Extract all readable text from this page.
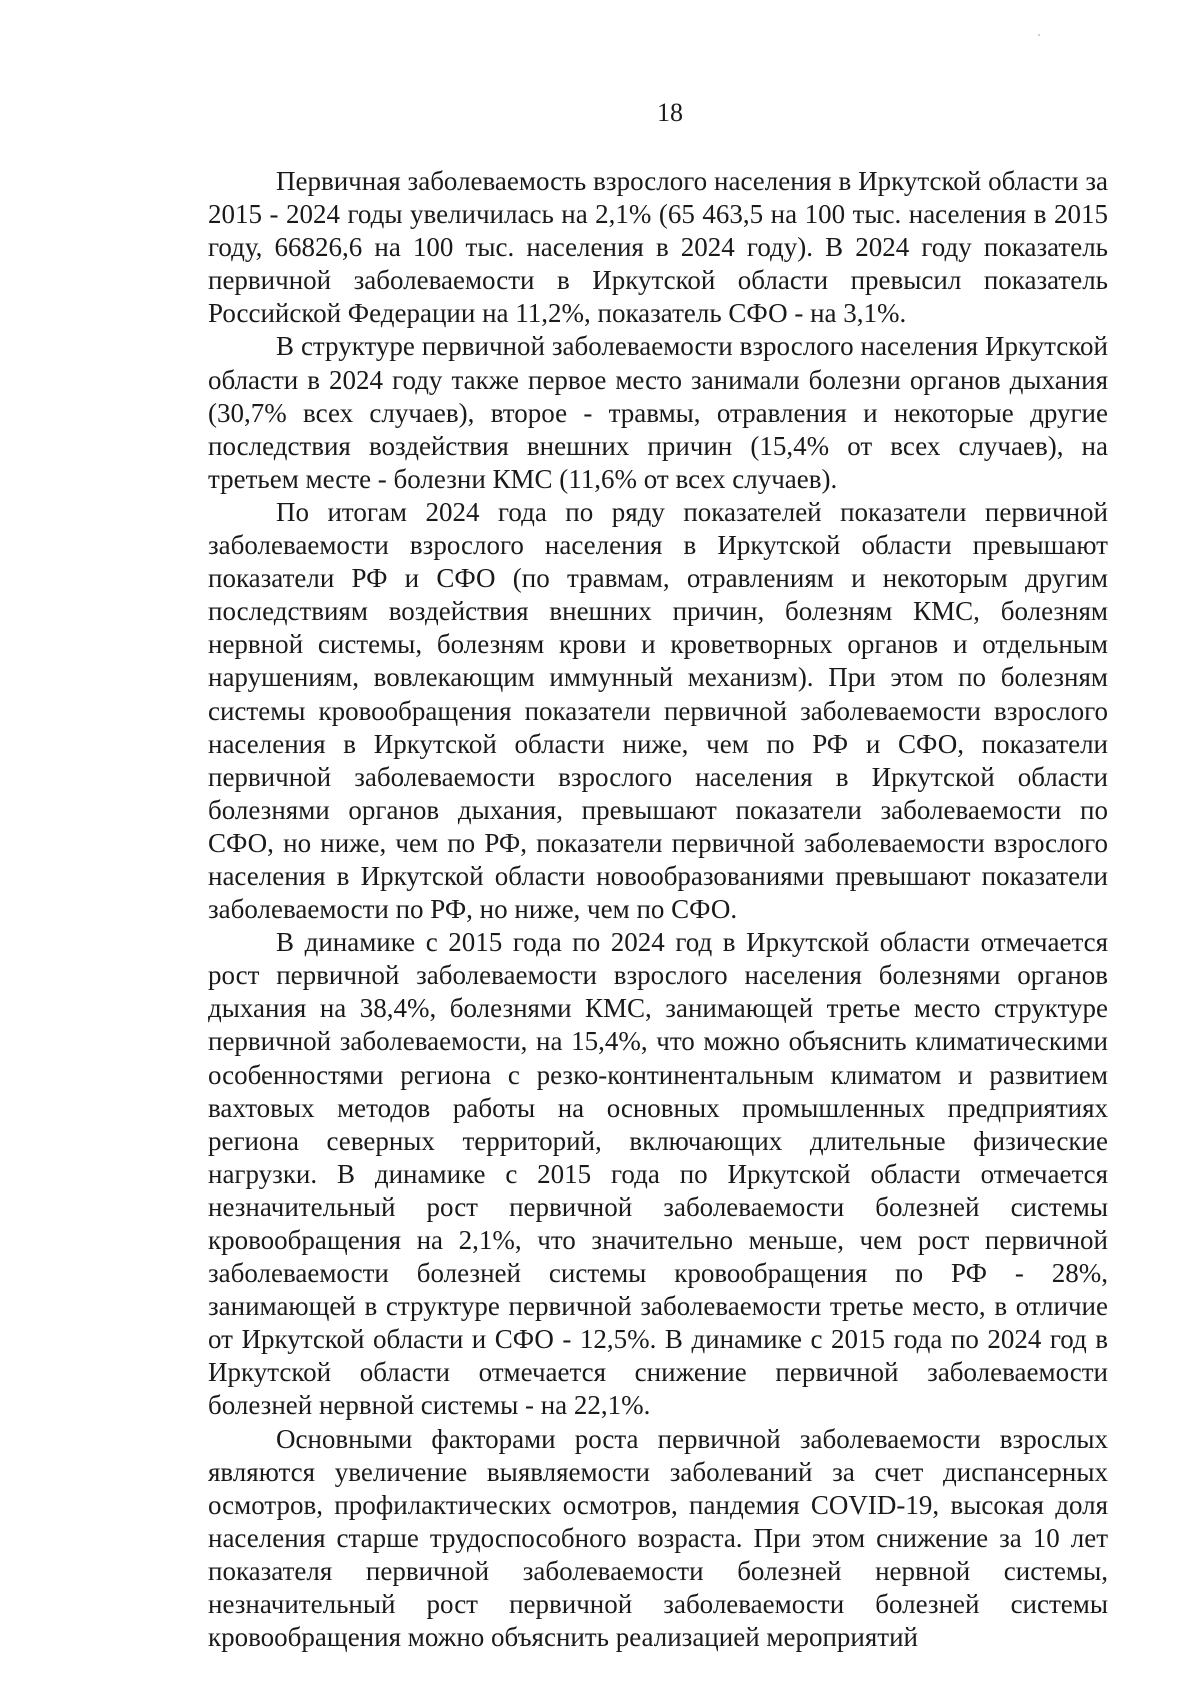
18

Первичная заболеваемость взрослого населения в Иркутской области за 2015 - 2024 годы увеличилась на 2,1% (65 463,5 на 100 тыс. населения в 2015 году, 66826,6 на 100 тыс. населения в 2024 году). В 2024 году показатель первичной заболеваемости в Иркутской области превысил показатель Российской Федерации на 11,2%, показатель СФО - на 3,1%.

В структуре первичной заболеваемости взрослого населения Иркутской области в 2024 году также первое место занимали болезни органов дыхания (30,7% всех случаев), второе - травмы, отравления и некоторые другие последствия воздействия внешних причин (15,4% от всех случаев), на третьем месте - болезни КМС (11,6% от всех случаев).

По итогам 2024 года по ряду показателей показатели первичной заболеваемости взрослого населения в Иркутской области превышают показатели РФ и СФО (по травмам, отравлениям и некоторым другим последствиям воздействия внешних причин, болезням КМС, болезням нервной системы, болезням крови и кроветворных органов и отдельным нарушениям, вовлекающим иммунный механизм). При этом по болезням системы кровообращения показатели первичной заболеваемости взрослого населения в Иркутской области ниже, чем по РФ и СФО, показатели первичной заболеваемости взрослого населения в Иркутской области болезнями органов дыхания, превышают показатели заболеваемости по СФО, но ниже, чем по РФ, показатели первичной заболеваемости взрослого населения в Иркутской области новообразованиями превышают показатели заболеваемости по РФ, но ниже, чем по СФО.

В динамике с 2015 года по 2024 год в Иркутской области отмечается рост первичной заболеваемости взрослого населения болезнями органов дыхания на 38,4%, болезнями КМС, занимающей третье место структуре первичной заболеваемости, на 15,4%, что можно объяснить климатическими особенностями региона с резко-континентальным климатом и развитием вахтовых методов работы на основных промышленных предприятиях региона северных территорий, включающих длительные физические нагрузки. В динамике с 2015 года по Иркутской области отмечается незначительный рост первичной заболеваемости болезней системы кровообращения на 2,1%, что значительно меньше, чем рост первичной заболеваемости болезней системы кровообращения по РФ - 28%, занимающей в структуре первичной заболеваемости третье место, в отличие от Иркутской области и СФО - 12,5%. В динамике с 2015 года по 2024 год в Иркутской области отмечается снижение первичной заболеваемости болезней нервной системы - на 22,1%.

Основными факторами роста первичной заболеваемости взрослых являются увеличение выявляемости заболеваний за счет диспансерных осмотров, профилактических осмотров, пандемия COVID-19, высокая доля населения старше трудоспособного возраста. При этом снижение за 10 лет показателя первичной заболеваемости болезней нервной системы, незначительный рост первичной заболеваемости болезней системы кровообращения можно объяснить реализацией мероприятий
